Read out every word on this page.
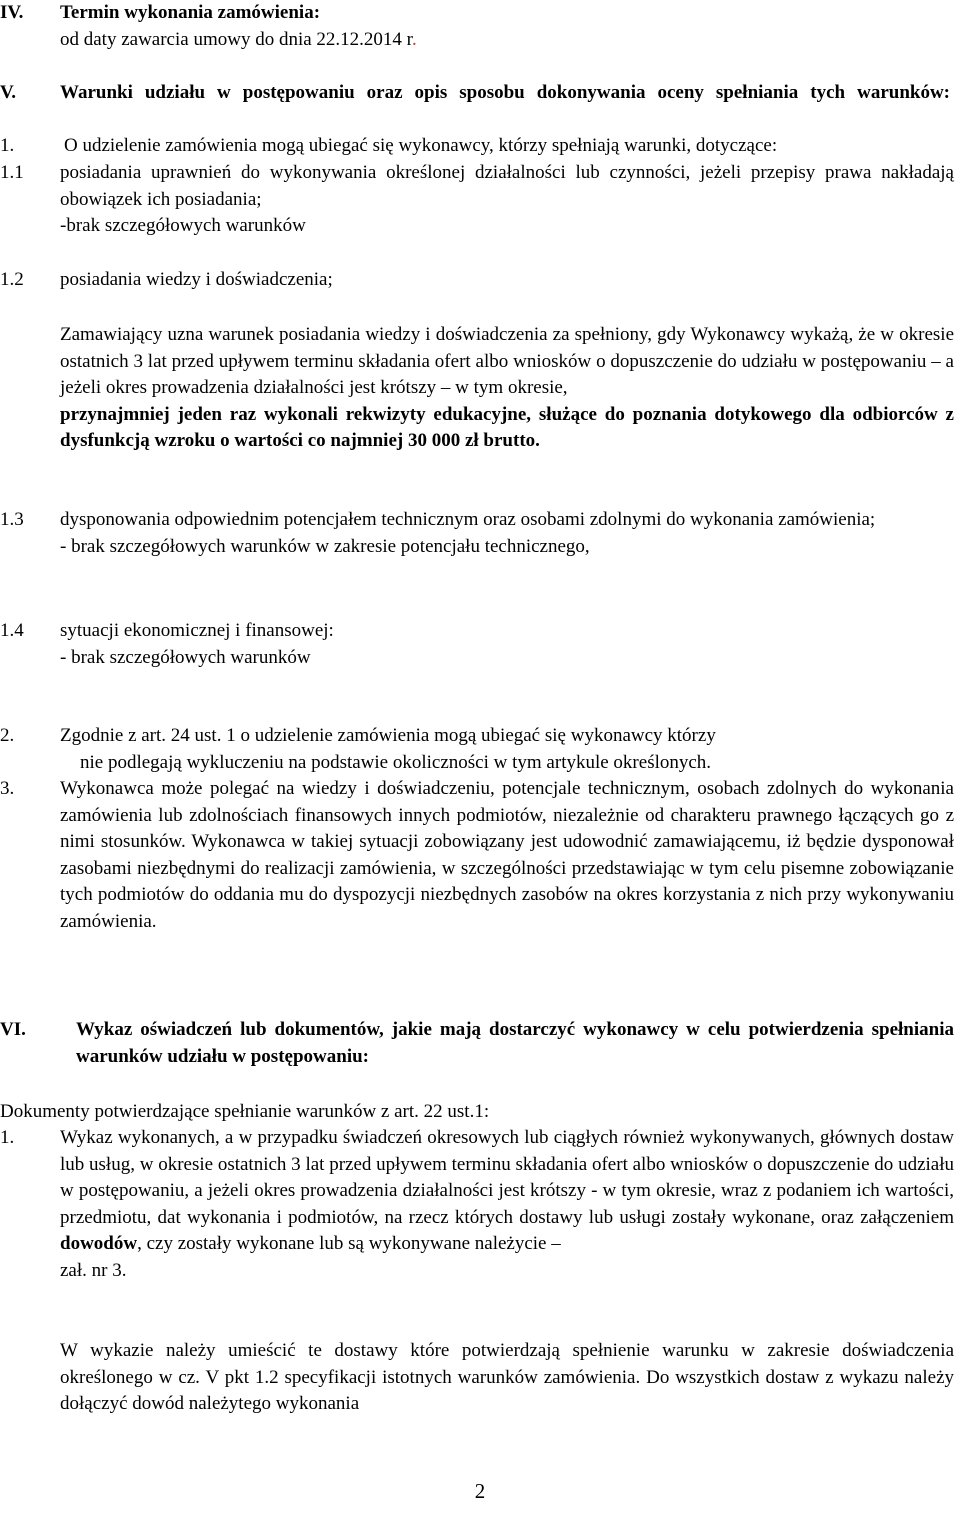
IV. Termin wykonania zamówienia:
od daty zawarcia umowy do dnia 22.12.2014 r.
V. Warunki udziału w postępowaniu oraz opis sposobu dokonywania oceny spełniania tych warunków:
1.	O udzielenie zamówienia mogą ubiegać się wykonawcy, którzy spełniają warunki, dotyczące:
1.1 posiadania uprawnień do wykonywania określonej działalności lub czynności, jeżeli przepisy prawa nakładają obowiązek ich posiadania;
-brak szczegółowych warunków
1.2 posiadania wiedzy i doświadczenia;
Zamawiający uzna warunek posiadania wiedzy i doświadczenia za spełniony, gdy Wykonawcy wykażą, że w okresie ostatnich 3 lat przed upływem terminu składania ofert albo wniosków o dopuszczenie do udziału w postępowaniu – a jeżeli okres prowadzenia działalności jest krótszy – w tym okresie,
przynajmniej jeden raz wykonali rekwizyty edukacyjne, służące do poznania dotykowego dla odbiorców z dysfunkcją wzroku o wartości co najmniej 30 000 zł brutto.
1.3 dysponowania odpowiednim potencjałem technicznym oraz osobami zdolnymi do wykonania zamówienia;
- brak szczegółowych warunków w zakresie potencjału technicznego,
1.4 sytuacji ekonomicznej i finansowej:
- brak szczegółowych warunków
2. Zgodnie z art. 24 ust. 1 o udzielenie zamówienia mogą ubiegać się wykonawcy którzy
nie podlegają wykluczeniu na podstawie okoliczności w tym artykule określonych.
3. Wykonawca może polegać na wiedzy i doświadczeniu, potencjale technicznym, osobach zdolnych do wykonania zamówienia lub zdolnościach finansowych innych podmiotów, niezależnie od charakteru prawnego łączących go z nimi stosunków. Wykonawca w takiej sytuacji zobowiązany jest udowodnić zamawiającemu, iż będzie dysponował zasobami niezbędnymi do realizacji zamówienia, w szczególności przedstawiając w tym celu pisemne zobowiązanie tych podmiotów do oddania mu do dyspozycji niezbędnych zasobów na okres korzystania z nich przy wykonywaniu zamówienia.
VI.	Wykaz oświadczeń lub dokumentów, jakie mają dostarczyć wykonawcy w celu potwierdzenia spełniania warunków udziału w postępowaniu:
Dokumenty potwierdzające spełnianie warunków z art. 22 ust.1:
1. Wykaz wykonanych, a w przypadku świadczeń okresowych lub ciągłych również wykonywanych, głównych dostaw lub usług, w okresie ostatnich 3 lat przed upływem terminu składania ofert albo wniosków o dopuszczenie do udziału w postępowaniu, a jeżeli okres prowadzenia działalności jest krótszy - w tym okresie, wraz z podaniem ich wartości, przedmiotu, dat wykonania i podmiotów, na rzecz których dostawy lub usługi zostały wykonane, oraz załączeniem dowodów, czy zostały wykonane lub są wykonywane należycie –
zał. nr 3.
W wykazie należy umieścić te dostawy które potwierdzają spełnienie warunku w zakresie doświadczenia określonego w cz. V pkt 1.2 specyfikacji istotnych warunków zamówienia. Do wszystkich dostaw z wykazu należy dołączyć dowód należytego wykonania
2
